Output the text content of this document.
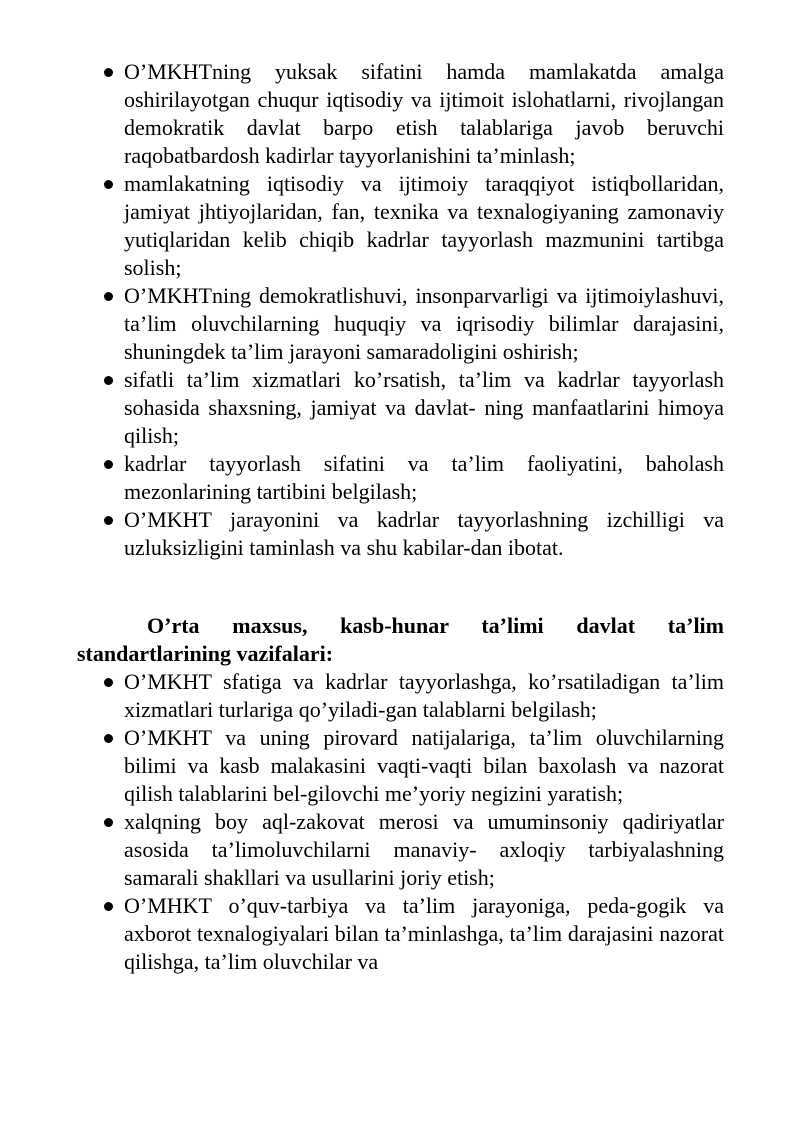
O’MKHTning yuksak sifatini hamda mamlakatda amalga oshirilayotgan chuqur iqtisodiy va ijtimoit islohatlarni, rivojlangan demokratik davlat barpo etish talablariga javob beruvchi raqobatbardosh kadirlar tayyorlanishini ta’minlash;
mamlakatning iqtisodiy va ijtimoiy taraqqiyot istiqbollaridan, jamiyat jhtiyojlaridan, fan, texnika va texnalogiyaning zamonaviy yutiqlaridan kelib chiqib kadrlar tayyorlash mazmunini tartibga solish;
O’MKHTning demokratlishuvi, insonparvarligi va ijtimoiylashuvi, ta’lim oluvchilarning huquqiy va iqrisodiy bilimlar darajasini, shuningdek ta’lim jarayoni samaradoligini oshirish;
sifatli ta’lim xizmatlari ko’rsatish, ta’lim va kadrlar tayyorlash sohasida shaxsning, jamiyat va davlat- ning manfaatlarini himoya qilish;
kadrlar tayyorlash sifatini va ta’lim faoliyatini, baholash mezonlarining tartibini belgilash;
O’MKHT jarayonini va kadrlar tayyorlashning izchilligi va uzluksizligini taminlash va shu kabilar-dan ibotat.

O’rta maxsus, kasb-hunar ta’limi davlat ta’lim standartlarining vazifalari:

O’MKHT sfatiga va kadrlar tayyorlashga, ko’rsatiladigan ta’lim xizmatlari turlariga qo’yiladi-gan talablarni belgilash;
O’MKHT va uning pirovard natijalariga, ta’lim oluvchilarning bilimi va kasb malakasini vaqti-vaqti bilan baxolash va nazorat qilish talablarini bel-gilovchi me’yoriy negizini yaratish;
xalqning boy aql-zakovat merosi va umuminsoniy qadiriyatlar asosida ta’limoluvchilarni manaviy- axloqiy tarbiyalashning samarali shakllari va usullarini joriy etish;
O’MHKT o’quv-tarbiya va ta’lim jarayoniga, peda-gogik va axborot texnalogiyalari bilan ta’minlashga, ta’lim darajasini nazorat qilishga, ta’lim oluvchilar va
